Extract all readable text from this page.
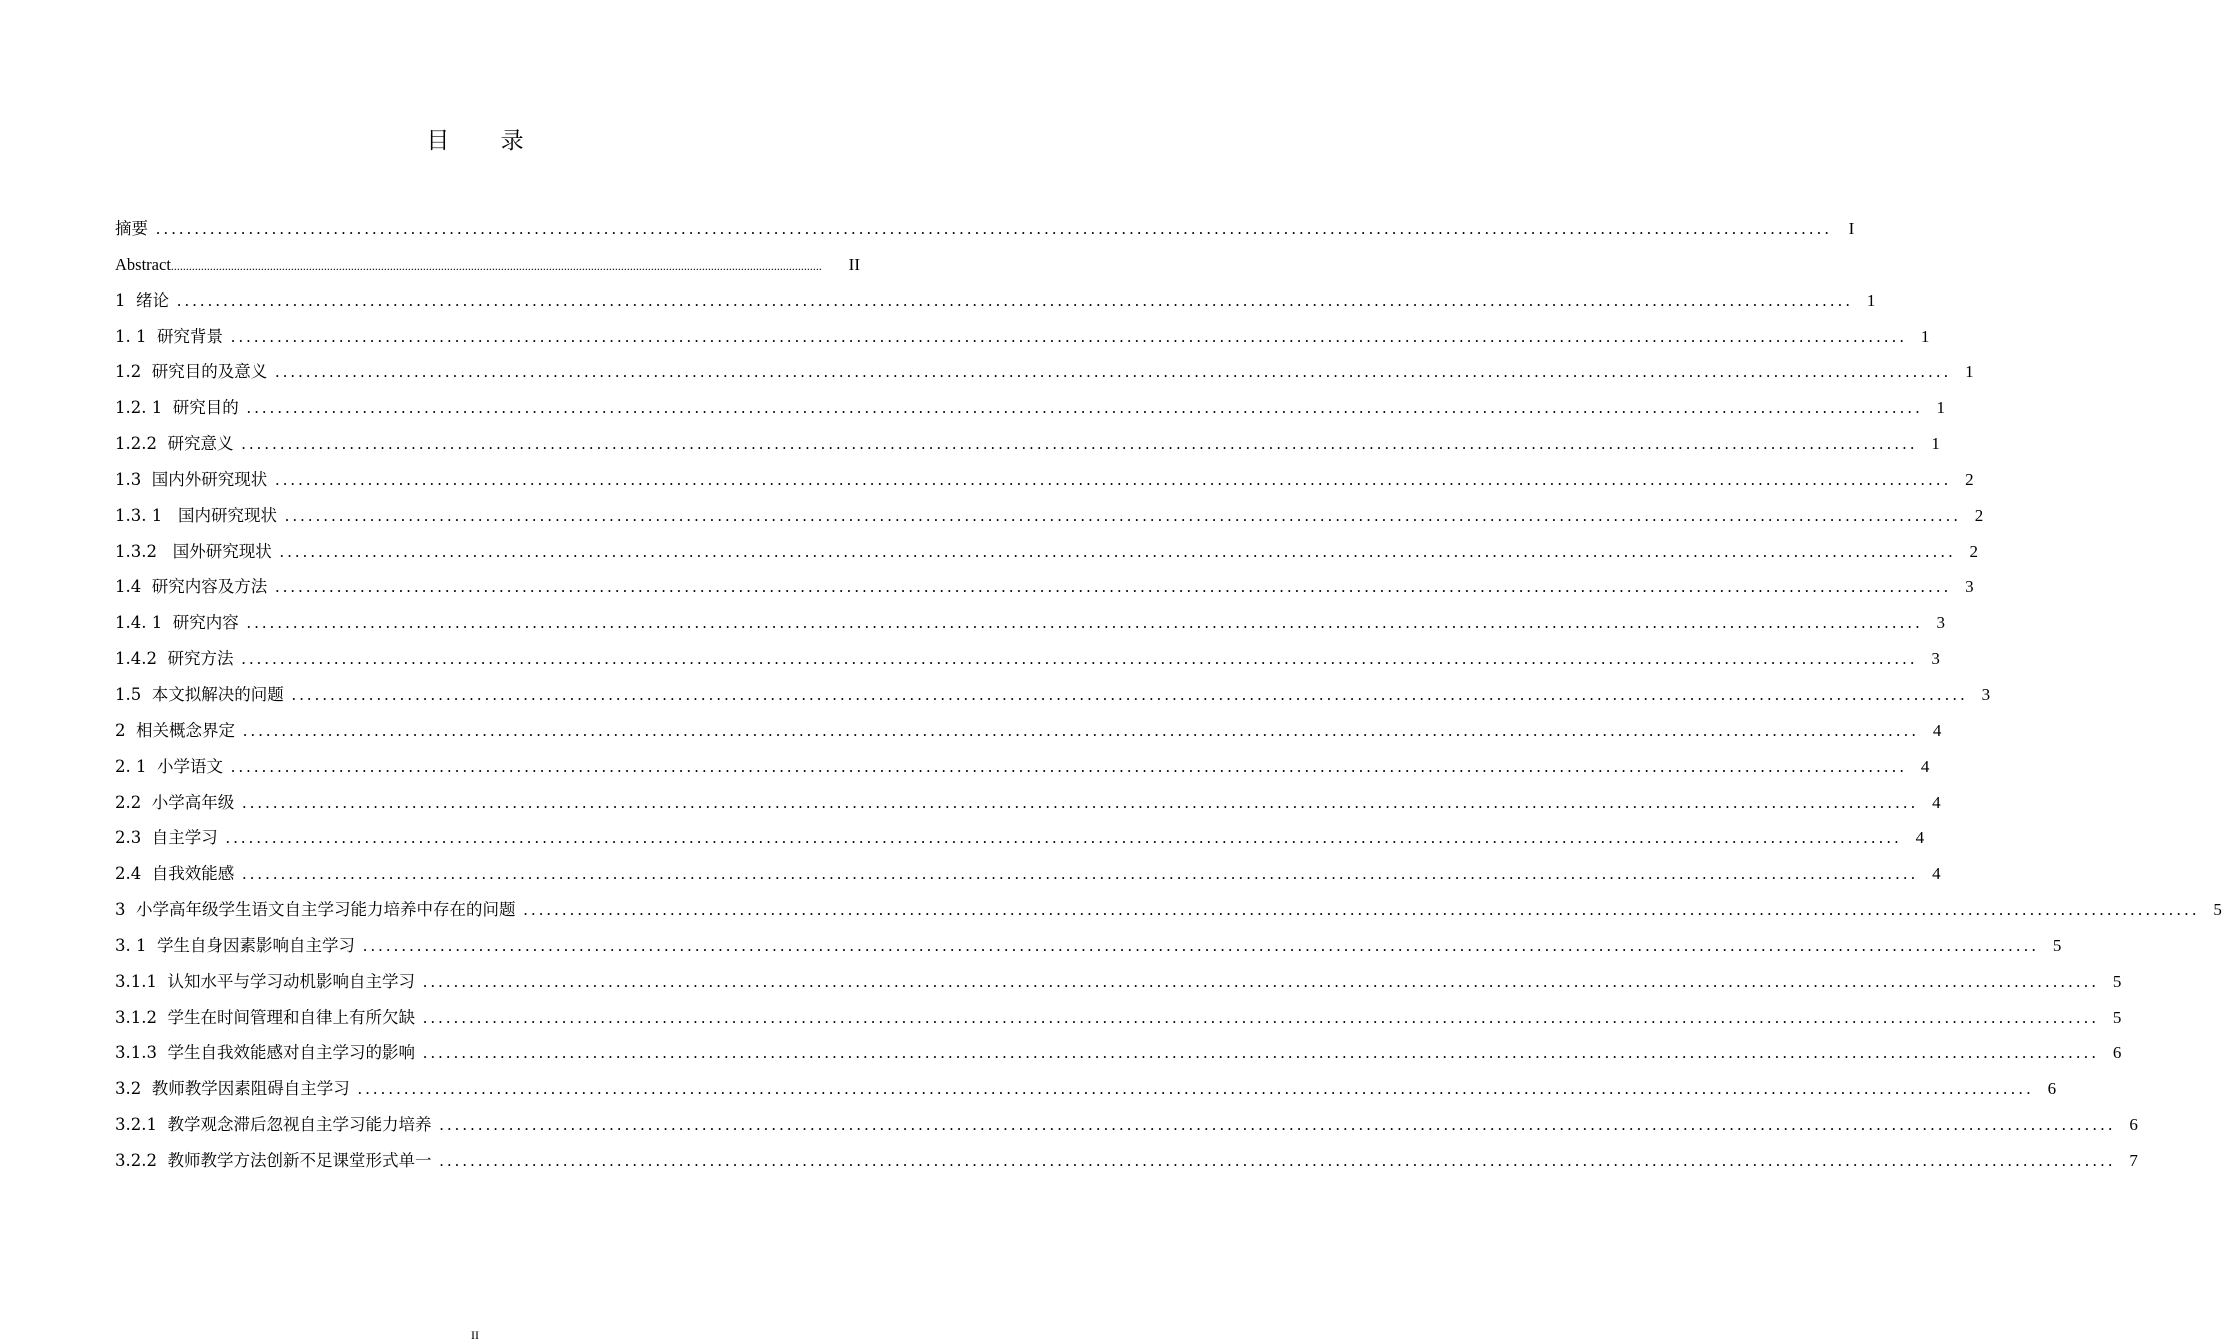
目 录
摘要 ......................................................................................................................................................................................................................... I
Abstract .........................................................................................................................................................................................................................	II
1  绪论 ......................................................................................................................................................................................................................... 1
1. 1  研究背景 ......................................................................................................................................................................................................................... 1
1.2  研究目的及意义 ......................................................................................................................................................................................................................... 1
1.2. 1  研究目的 ......................................................................................................................................................................................................................... 1
1.2.2  研究意义 ......................................................................................................................................................................................................................... 1
1.3  国内外研究现状 ......................................................................................................................................................................................................................... 2
1.3. 1   国内研究现状 ......................................................................................................................................................................................................................... 2
1.3.2   国外研究现状 ......................................................................................................................................................................................................................... 2
1.4  研究内容及方法 ......................................................................................................................................................................................................................... 3
1.4. 1  研究内容 ......................................................................................................................................................................................................................... 3
1.4.2  研究方法 ......................................................................................................................................................................................................................... 3
1.5  本文拟解决的问题 ......................................................................................................................................................................................................................... 3
2  相关概念界定 ......................................................................................................................................................................................................................... 4
2. 1  小学语文 ......................................................................................................................................................................................................................... 4
2.2  小学高年级 ......................................................................................................................................................................................................................... 4
2.3  自主学习 ......................................................................................................................................................................................................................... 4
2.4  自我效能感 ......................................................................................................................................................................................................................... 4
3  小学高年级学生语文自主学习能力培养中存在的问题 ......................................................................................................................................................................................................................... 5
3. 1  学生自身因素影响自主学习 ......................................................................................................................................................................................................................... 5
3.1.1  认知水平与学习动机影响自主学习 ......................................................................................................................................................................................................................... 5
3.1.2  学生在时间管理和自律上有所欠缺 ......................................................................................................................................................................................................................... 5
3.1.3  学生自我效能感对自主学习的影响 ......................................................................................................................................................................................................................... 6
3.2  教师教学因素阻碍自主学习 ......................................................................................................................................................................................................................... 6
3.2.1  教学观念滞后忽视自主学习能力培养 ......................................................................................................................................................................................................................... 6
3.2.2  教师教学方法创新不足课堂形式单一 ......................................................................................................................................................................................................................... 7
II
